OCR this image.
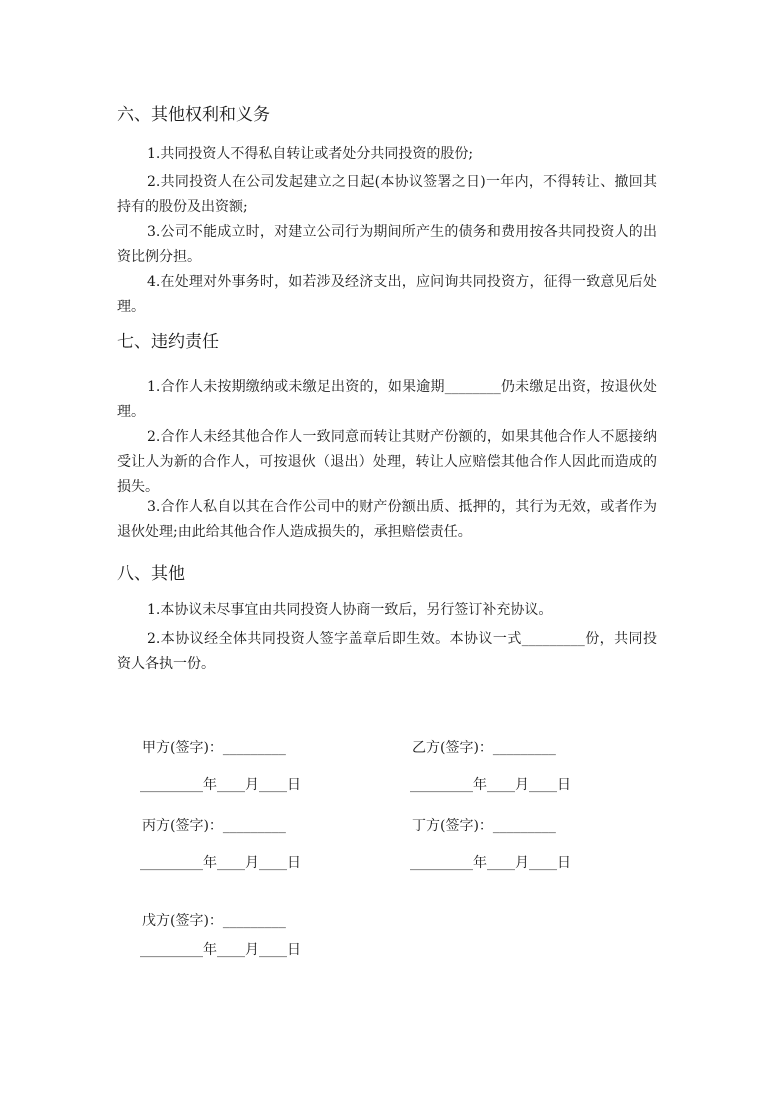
六、其他权利和义务
1.共同投资人不得私自转让或者处分共同投资的股份;
2.共同投资人在公司发起建立之日起(本协议签署之日)一年内，不得转让、撤回其持有的股份及出资额;
3.公司不能成立时，对建立公司行为期间所产生的债务和费用按各共同投资人的出资比例分担。
4.在处理对外事务时，如若涉及经济支出，应问询共同投资方，征得一致意见后处理。
七、违约责任
1.合作人未按期缴纳或未缴足出资的，如果逾期________仍未缴足出资，按退伙处理。
2.合作人未经其他合作人一致同意而转让其财产份额的，如果其他合作人不愿接纳受让人为新的合作人，可按退伙（退出）处理，转让人应赔偿其他合作人因此而造成的损失。
3.合作人私自以其在合作公司中的财产份额出质、抵押的，其行为无效，或者作为退伙处理;由此给其他合作人造成损失的，承担赔偿责任。
八、其他
1.本协议未尽事宜由共同投资人协商一致后，另行签订补充协议。
2.本协议经全体共同投资人签字盖章后即生效。本协议一式_________份，共同投资人各执一份。
甲方(签字)：_________	乙方(签字)：_________
_________年____月____日	_________年____月____日
丙方(签字)：_________	丁方(签字)：_________
_________年____月____日	_________年____月____日
戊方(签字)：_________
_________年____月____日
